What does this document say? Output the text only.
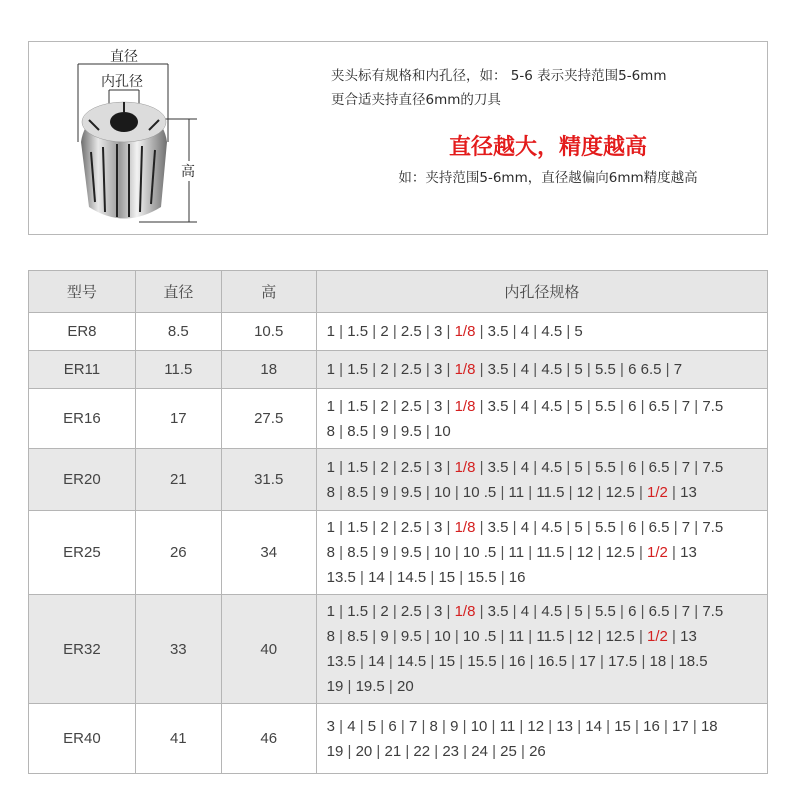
直径
内孔径
高
夹头标有规格和内孔径，如： 5-6 表示夹持范围5-6mm
更合适夹持直径6mm的刀具
直径越大，精度越高
如：夹持范围5-6mm，直径越偏向6mm精度越高
型号	直径	高	内孔径规格
ER8	8.5	10.5	1 | 1.5 | 2 | 2.5 | 3 | 1/8 | 3.5 | 4 | 4.5 | 5

ER11	11.5	18	1 | 1.5 | 2 | 2.5 | 3 | 1/8 | 3.5 | 4 | 4.5 | 5 | 5.5 | 6 6.5 | 7

ER16	17	27.5	1 | 1.5 | 2 | 2.5 | 3 | 1/8 | 3.5 | 4 | 4.5 | 5 | 5.5 | 6 | 6.5 | 7 | 7.5
8 | 8.5 | 9 | 9.5 | 10

ER20	21	31.5	1 | 1.5 | 2 | 2.5 | 3 | 1/8 | 3.5 | 4 | 4.5 | 5 | 5.5 | 6 | 6.5 | 7 | 7.5
8 | 8.5 | 9 | 9.5 | 10 | 10 .5 | 11 | 11.5 | 12 | 12.5 | 1/2 | 13

ER25	26	34	1 | 1.5 | 2 | 2.5 | 3 | 1/8 | 3.5 | 4 | 4.5 | 5 | 5.5 | 6 | 6.5 | 7 | 7.5
8 | 8.5 | 9 | 9.5 | 10 | 10 .5 | 11 | 11.5 | 12 | 12.5 | 1/2 | 13
13.5 | 14 | 14.5 | 15 | 15.5 | 16

ER32	33	40	1 | 1.5 | 2 | 2.5 | 3 | 1/8 | 3.5 | 4 | 4.5 | 5 | 5.5 | 6 | 6.5 | 7 | 7.5
8 | 8.5 | 9 | 9.5 | 10 | 10 .5 | 11 | 11.5 | 12 | 12.5 | 1/2 | 13
13.5 | 14 | 14.5 | 15 | 15.5 | 16 | 16.5 | 17 | 17.5 | 18 | 18.5
19 | 19.5 | 20

ER40	41	46	3 | 4 | 5 | 6 | 7 | 8 | 9 | 10 | 11 | 12 | 13 | 14 | 15 | 16 | 17 | 18
19 | 20 | 21 | 22 | 23 | 24 | 25 | 26
